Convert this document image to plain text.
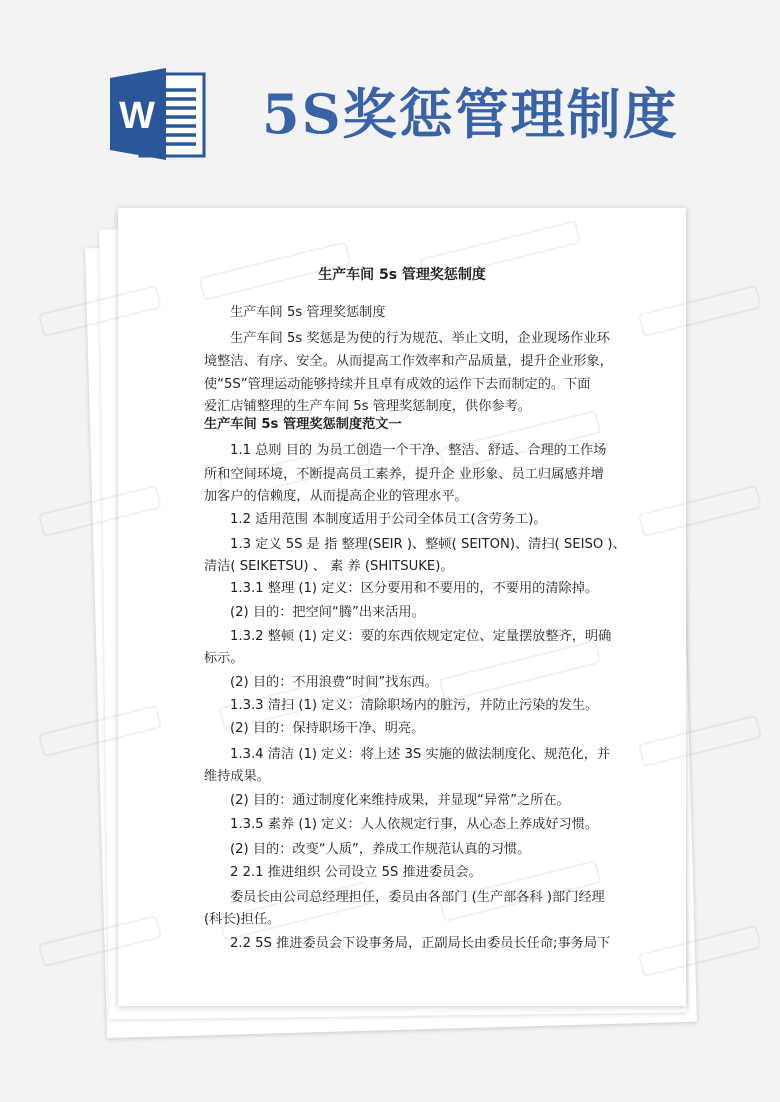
W 5S奖惩管理制度
生产车间 5s 管理奖惩制度
生产车间 5s 管理奖惩制度
生产车间 5s 奖惩是为使的行为规范、举止文明，企业现场作业环
境整洁、有序、安全。从而提高工作效率和产品质量，提升企业形象，
使“5S”管理运动能够持续并且卓有成效的运作下去而制定的。下面
爱汇店铺整理的生产车间 5s 管理奖惩制度，供你参考。
生产车间 5s 管理奖惩制度范文一
1.1 总则 目的 为员工创造一个干净、整洁、舒适、合理的工作场
所和空间环境，不断提高员工素养，提升企 业形象、员工归属感并增
加客户的信赖度，从而提高企业的管理水平。
1.2 适用范围 本制度适用于公司全体员工(含劳务工)。
1.3 定义 5S 是 指 整理(SEIR )、整顿( SEITON)、清扫( SEISO )、
清洁( SEIKETSU) 、 素 养 (SHITSUKE)。
1.3.1 整理 (1) 定义：区分要用和不要用的，不要用的清除掉。
(2) 目的：把空间“腾”出来活用。
1.3.2 整顿 (1) 定义：要的东西依规定定位、定量摆放整齐，明确
标示。
(2) 目的：不用浪费“时间”找东西。
1.3.3 清扫 (1) 定义：清除职场内的脏污，并防止污染的发生。
(2) 目的：保持职场干净、明亮。
1.3.4 清洁 (1) 定义：将上述 3S 实施的做法制度化、规范化，并
维持成果。
(2) 目的：通过制度化来维持成果，并显现“异常”之所在。
1.3.5 素养 (1) 定义：人人依规定行事，从心态上养成好习惯。
(2) 目的：改变“人质”，养成工作规范认真的习惯。
2 2.1 推进组织 公司设立 5S 推进委员会。
委员长由公司总经理担任，委员由各部门 (生产部各科 )部门经理
(科长)担任。
2.2 5S 推进委员会下设事务局，正副局长由委员长任命;事务局下
